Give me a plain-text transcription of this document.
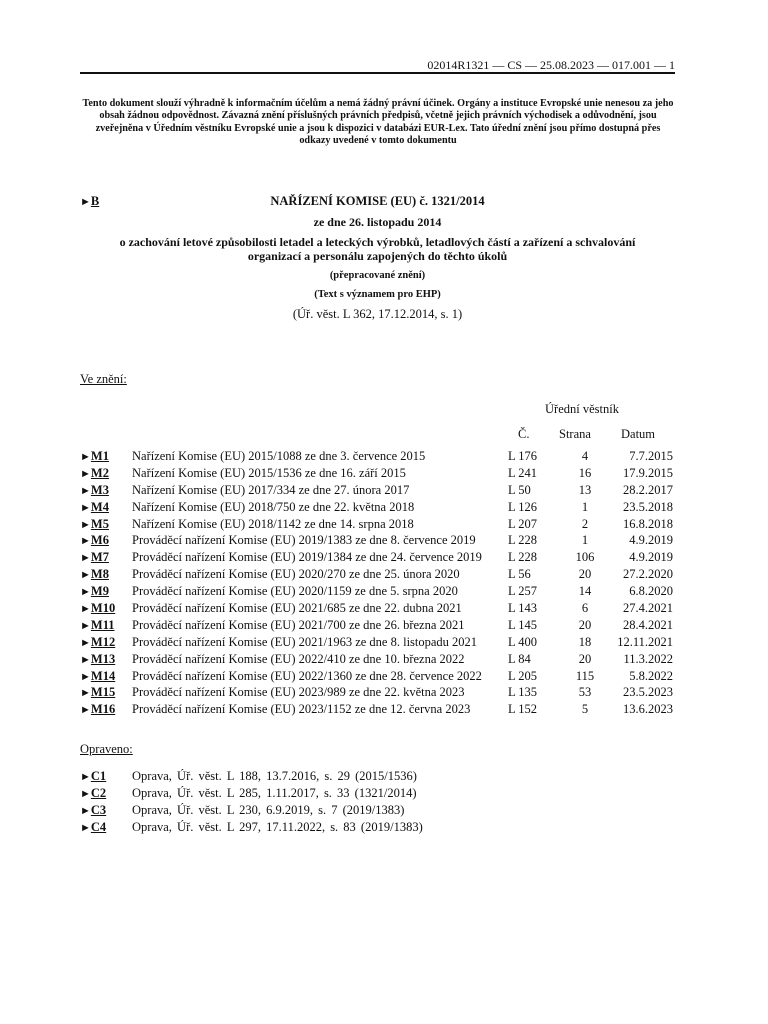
02014R1321 — CS — 25.08.2023 — 017.001 — 1
Tento dokument slouží výhradně k informačním účelům a nemá žádný právní účinek. Orgány a instituce Evropské unie nenesou za jeho obsah žádnou odpovědnost. Závazná znění příslušných právních předpisů, včetně jejich právních východisek a odůvodnění, jsou zveřejněna v Úředním věstníku Evropské unie a jsou k dispozici v databázi EUR-Lex. Tato úřední znění jsou přímo dostupná přes odkazy uvedené v tomto dokumentu
►B	NAŘÍZENÍ KOMISE (EU) č. 1321/2014
ze dne 26. listopadu 2014
o zachování letové způsobilosti letadel a leteckých výrobků, letadlových částí a zařízení a schvalování organizací a personálu zapojených do těchto úkolů
(přepracované znění)
(Text s významem pro EHP)
(Úř. věst. L 362, 17.12.2014, s. 1)
Ve znění:
Úřední věstník
Č. Strana Datum
►M1 Nařízení Komise (EU) 2015/1088 ze dne 3. července 2015	L 176	4	7.7.2015
►M2 Nařízení Komise (EU) 2015/1536 ze dne 16. září 2015	L 241	16	17.9.2015
►M3 Nařízení Komise (EU) 2017/334 ze dne 27. února 2017	L 50	13	28.2.2017
►M4 Nařízení Komise (EU) 2018/750 ze dne 22. května 2018	L 126	1	23.5.2018
►M5 Nařízení Komise (EU) 2018/1142 ze dne 14. srpna 2018	L 207	2	16.8.2018
►M6 Prováděcí nařízení Komise (EU) 2019/1383 ze dne 8. července 2019	L 228	1	4.9.2019
►M7 Prováděcí nařízení Komise (EU) 2019/1384 ze dne 24. července 2019	L 228	106	4.9.2019
►M8 Prováděcí nařízení Komise (EU) 2020/270 ze dne 25. února 2020	L 56	20	27.2.2020
►M9 Prováděcí nařízení Komise (EU) 2020/1159 ze dne 5. srpna 2020	L 257	14	6.8.2020
►M10 Prováděcí nařízení Komise (EU) 2021/685 ze dne 22. dubna 2021	L 143	6	27.4.2021
►M11 Prováděcí nařízení Komise (EU) 2021/700 ze dne 26. března 2021	L 145	20	28.4.2021
►M12 Prováděcí nařízení Komise (EU) 2021/1963 ze dne 8. listopadu 2021	L 400	18	12.11.2021
►M13 Prováděcí nařízení Komise (EU) 2022/410 ze dne 10. března 2022	L 84	20	11.3.2022
►M14 Prováděcí nařízení Komise (EU) 2022/1360 ze dne 28. července 2022	L 205	115	5.8.2022
►M15 Prováděcí nařízení Komise (EU) 2023/989 ze dne 22. května 2023	L 135	53	23.5.2023
►M16 Prováděcí nařízení Komise (EU) 2023/1152 ze dne 12. června 2023	L 152	5	13.6.2023
Opraveno:
►C1 Oprava, Úř. věst. L 188, 13.7.2016, s. 29 (2015/1536)
►C2 Oprava, Úř. věst. L 285, 1.11.2017, s. 33 (1321/2014)
►C3 Oprava, Úř. věst. L 230, 6.9.2019, s. 7 (2019/1383)
►C4 Oprava, Úř. věst. L 297, 17.11.2022, s. 83 (2019/1383)
